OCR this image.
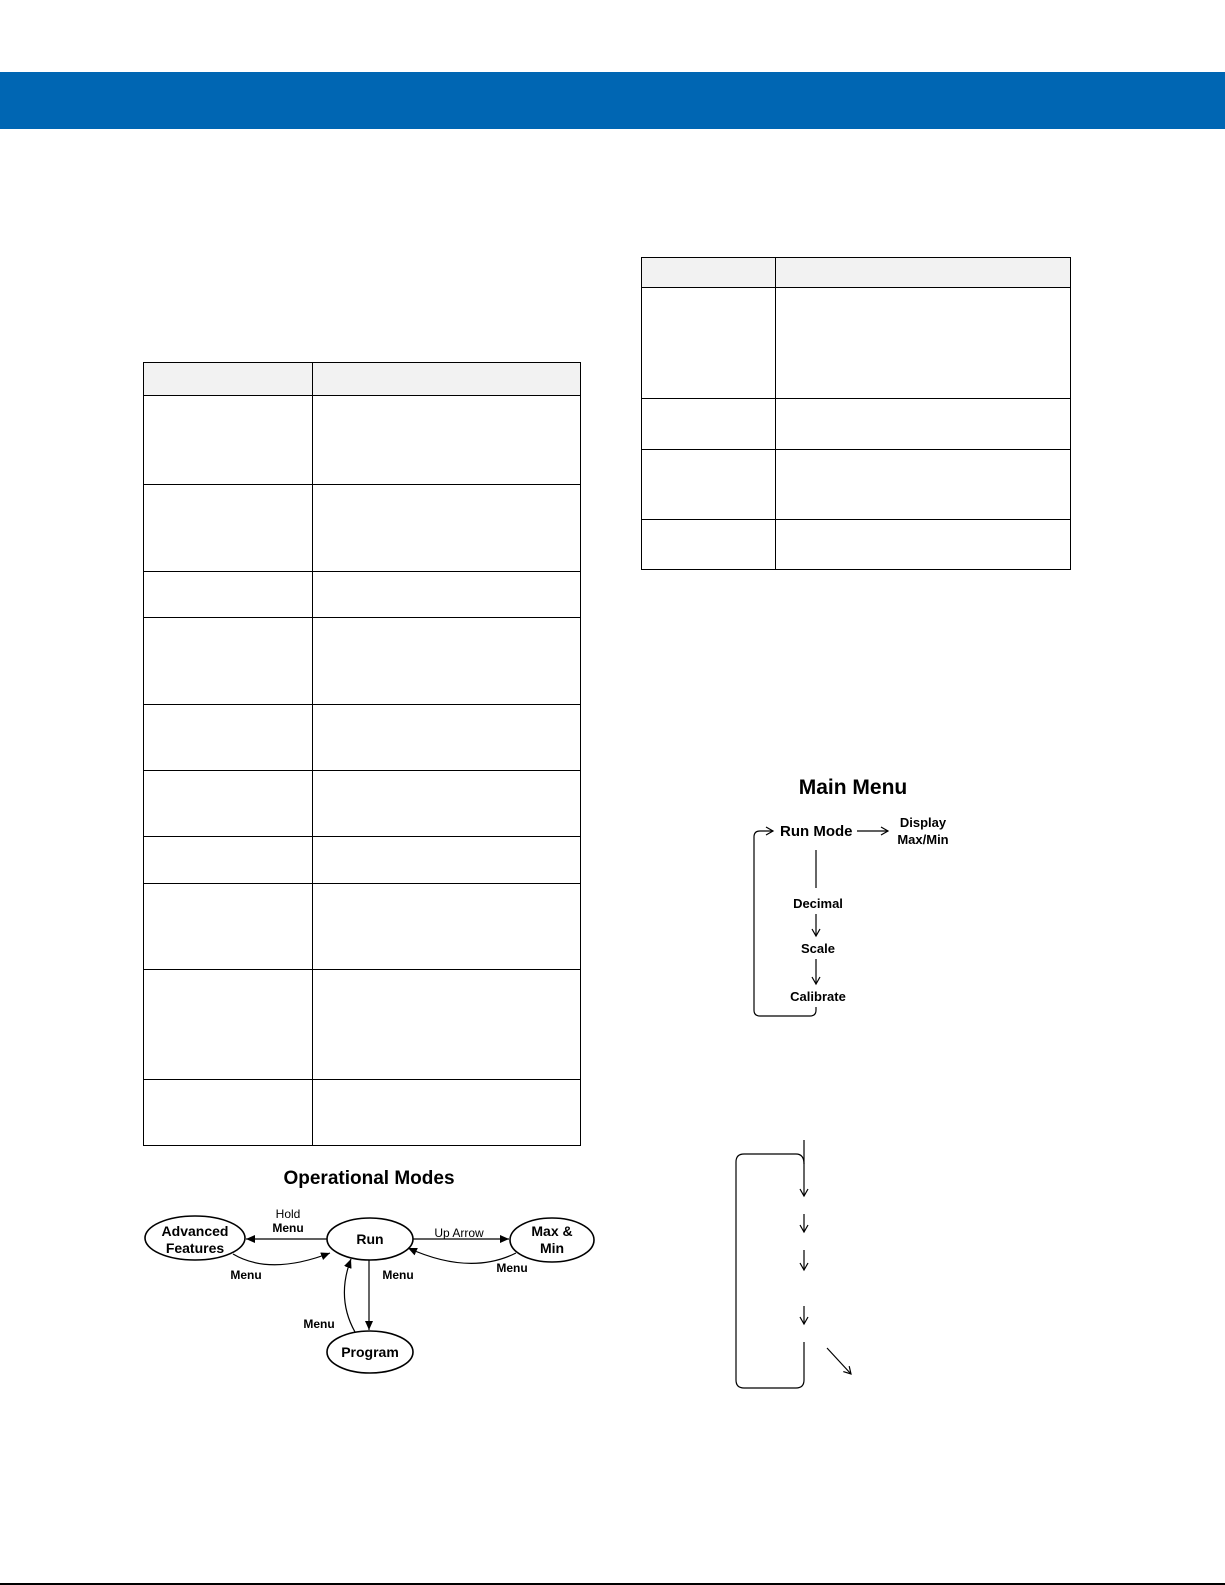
Main Menu
Run Mode
Display
Max/Min
Decimal
Scale
Calibrate
Operational Modes
Advanced
Features
Run	Max &
Min
Program
Hold
Menu
Menu
Up Arrow
Menu
Menu
Menu
